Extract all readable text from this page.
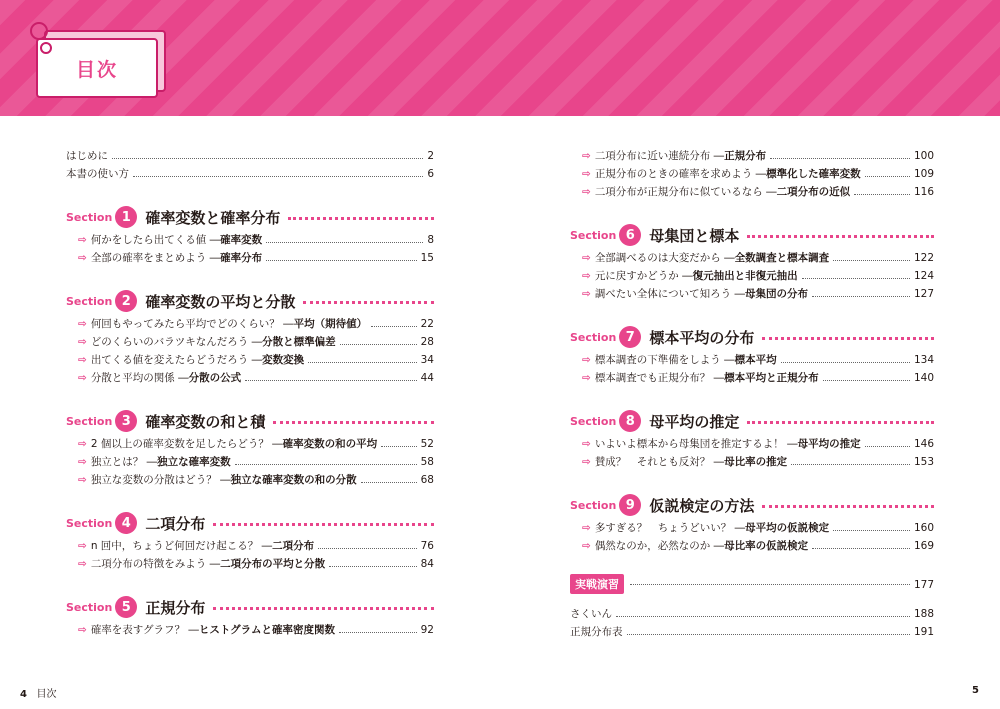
目次
はじめに	2
本書の使い方	6
Section 1 確率変数と確率分布
⇨ 何かをしたら出てくる値 ― 確率変数	8
⇨ 全部の確率をまとめよう ― 確率分布	15
Section 2 確率変数の平均と分散
⇨ 何回もやってみたら平均でどのくらい？ ― 平均（期待値）	22
⇨ どのくらいのバラツキなんだろう ― 分散と標準偏差	28
⇨ 出てくる値を変えたらどうだろう ― 変数変換	34
⇨ 分散と平均の関係 ― 分散の公式	44
Section 3 確率変数の和と積
⇨ 2 個以上の確率変数を足したらどう？ ― 確率変数の和の平均	52
⇨ 独立とは？ ― 独立な確率変数	58
⇨ 独立な変数の分散はどう？ ― 独立な確率変数の和の分散	68
Section 4 二項分布
⇨ n 回中，ちょうど何回だけ起こる？ ― 二項分布	76
⇨ 二項分布の特徴をみよう ― 二項分布の平均と分散	84
Section 5 正規分布
⇨ 確率を表すグラフ？ ― ヒストグラムと確率密度関数	92
⇨ 二項分布に近い連続分布 ― 正規分布	100
⇨ 正規分布のときの確率を求めよう ― 標準化した確率変数	109
⇨ 二項分布が正規分布に似ているなら ― 二項分布の近似	116
Section 6 母集団と標本
⇨ 全部調べるのは大変だから ― 全数調査と標本調査	122
⇨ 元に戻すかどうか ― 復元抽出と非復元抽出	124
⇨ 調べたい全体について知ろう ― 母集団の分布	127
Section 7 標本平均の分布
⇨ 標本調査の下準備をしよう ― 標本平均	134
⇨ 標本調査でも正規分布？ ― 標本平均と正規分布	140
Section 8 母平均の推定
⇨ いよいよ標本から母集団を推定するよ！ ― 母平均の推定	146
⇨ 賛成？　それとも反対？ ― 母比率の推定	153
Section 9 仮説検定の方法
⇨ 多すぎる？　ちょうどいい？ ― 母平均の仮説検定	160
⇨ 偶然なのか，必然なのか ― 母比率の仮説検定	169
実戦演習	177
さくいん	188
正規分布表	191
4 目次	5
